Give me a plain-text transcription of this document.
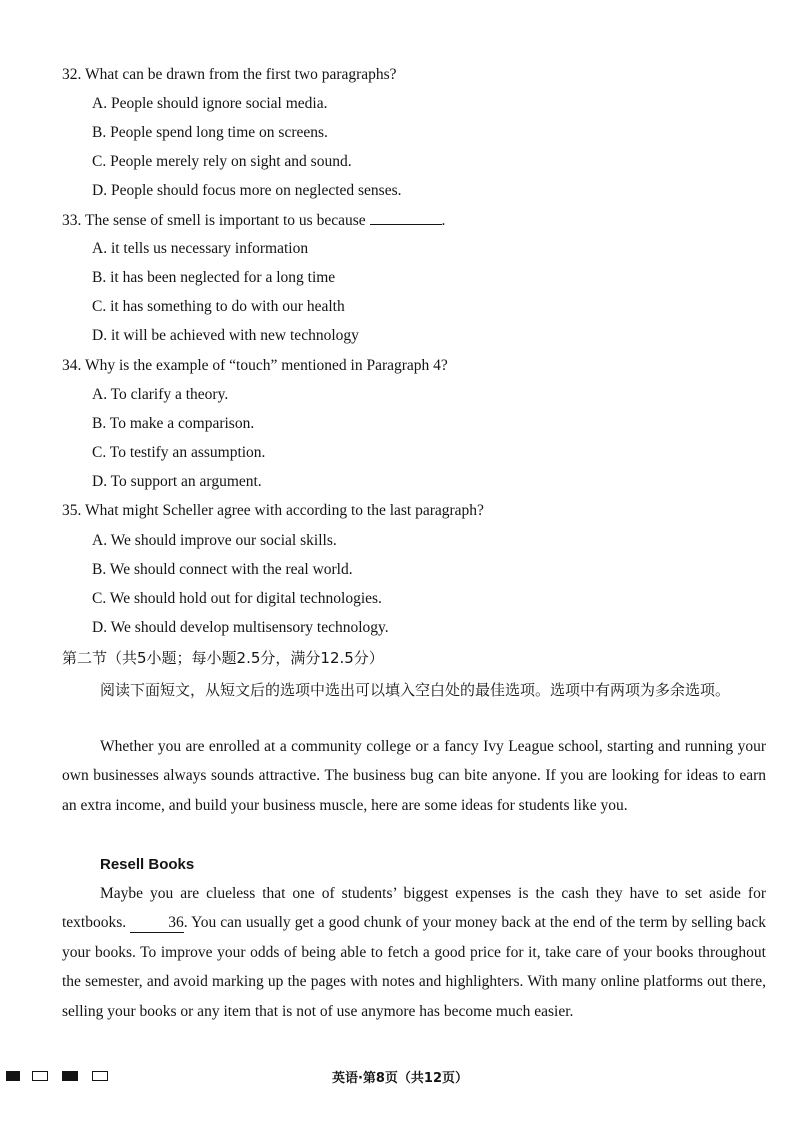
32. What can be drawn from the first two paragraphs?
A. People should ignore social media.
B. People spend long time on screens.
C. People merely rely on sight and sound.
D. People should focus more on neglected senses.
33. The sense of smell is important to us because	.
A. it tells us necessary information
B. it has been neglected for a long time
C. it has something to do with our health
D. it will be achieved with new technology
34. Why is the example of “touch” mentioned in Paragraph 4?
A. To clarify a theory.
B. To make a comparison.
C. To testify an assumption.
D. To support an argument.
35. What might Scheller agree with according to the last paragraph?
A. We should improve our social skills.
B. We should connect with the real world.
C. We should hold out for digital technologies.
D. We should develop multisensory technology.
第二节（共5小题；每小题2.5分，满分12.5分）
阅读下面短文，从短文后的选项中选出可以填入空白处的最佳选项。选项中有两项为多余选项。
Whether you are enrolled at a community college or a fancy Ivy League school, starting and running your own businesses always sounds attractive. The business bug can bite anyone. If you are looking for ideas to earn an extra income, and build your business muscle, here are some ideas for students like you.
Resell Books
Maybe you are clueless that one of students’ biggest expenses is the cash they have to set aside for textbooks.	36. You can usually get a good chunk of your money back at the end of the term by selling back your books. To improve your odds of being able to fetch a good price for it, take care of your books throughout the semester, and avoid marking up the pages with notes and highlighters. With many online platforms out there, selling your books or any item that is not of use anymore has become much easier.
英语·第8页（共12页）
